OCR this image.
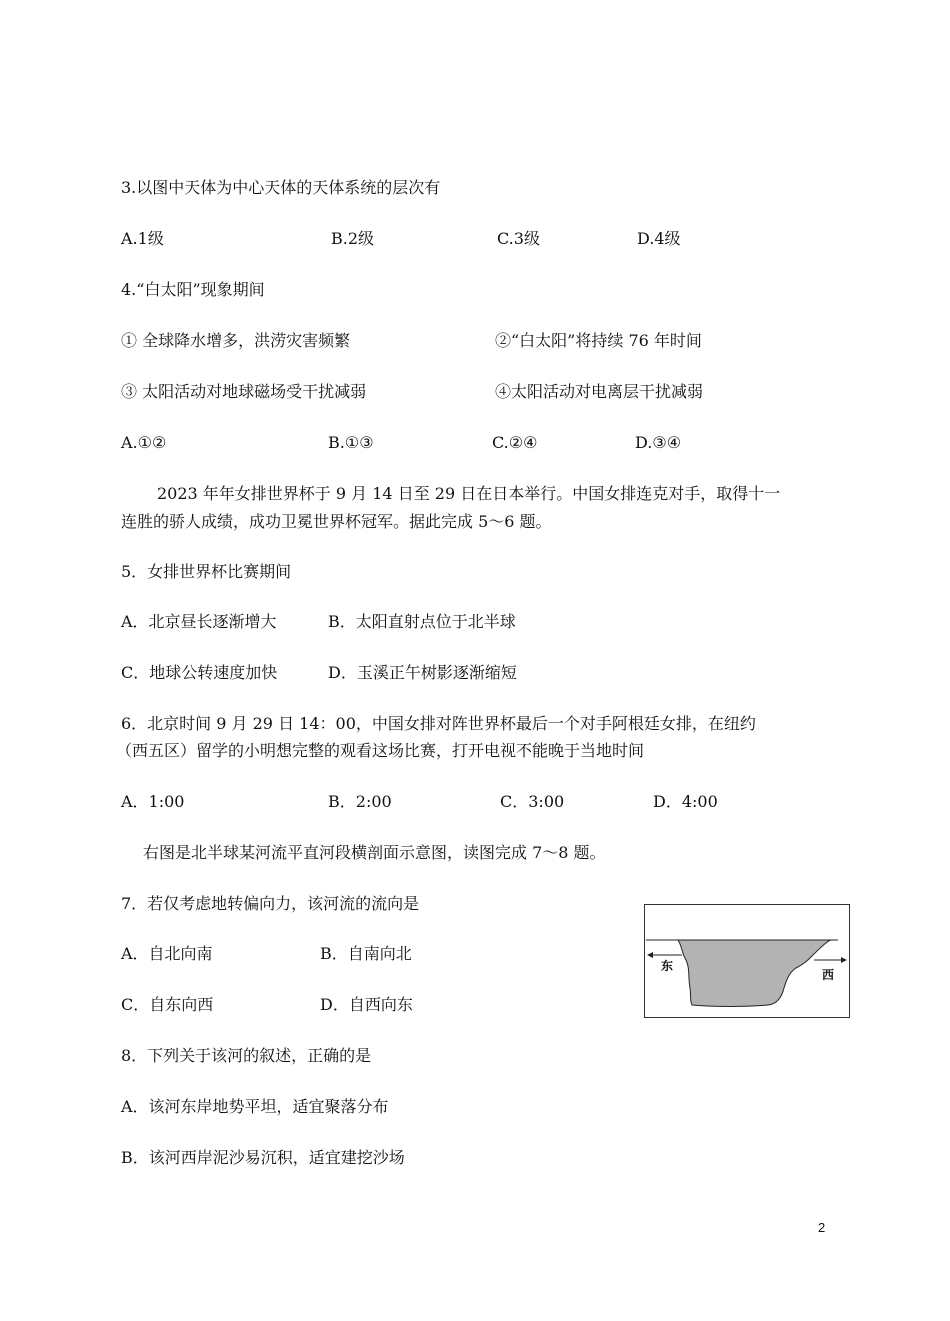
3.以图中天体为中心天体的天体系统的层次有
A.1级	B.2级	C.3级	D.4级
4.“白太阳”现象期间
① 全球降水增多，洪涝灾害频繁	②“白太阳”将持续 76 年时间
③ 太阳活动对地球磁场受干扰减弱	④太阳活动对电离层干扰减弱
A.①②	B.①③	C.②④	D.③④
2023 年年女排世界杯于 9 月 14 日至 29 日在日本举行。中国女排连克对手，取得十一
连胜的骄人成绩，成功卫冕世界杯冠军。据此完成 5～6 题。
5．女排世界杯比赛期间
A．北京昼长逐渐增大	B．太阳直射点位于北半球
C．地球公转速度加快	D．玉溪正午树影逐渐缩短
6．北京时间 9 月 29 日 14：00，中国女排对阵世界杯最后一个对手阿根廷女排，在纽约
（西五区）留学的小明想完整的观看这场比赛，打开电视不能晚于当地时间
A．1:00	B．2:00	C．3:00	D．4:00
右图是北半球某河流平直河段横剖面示意图，读图完成 7～8 题。
7．若仅考虑地转偏向力，该河流的流向是
A．自北向南	B．自南向北
C．自东向西	D．自西向东
东
西
8．下列关于该河的叙述，正确的是
A．该河东岸地势平坦，适宜聚落分布
B．该河西岸泥沙易沉积，适宜建挖沙场
2
